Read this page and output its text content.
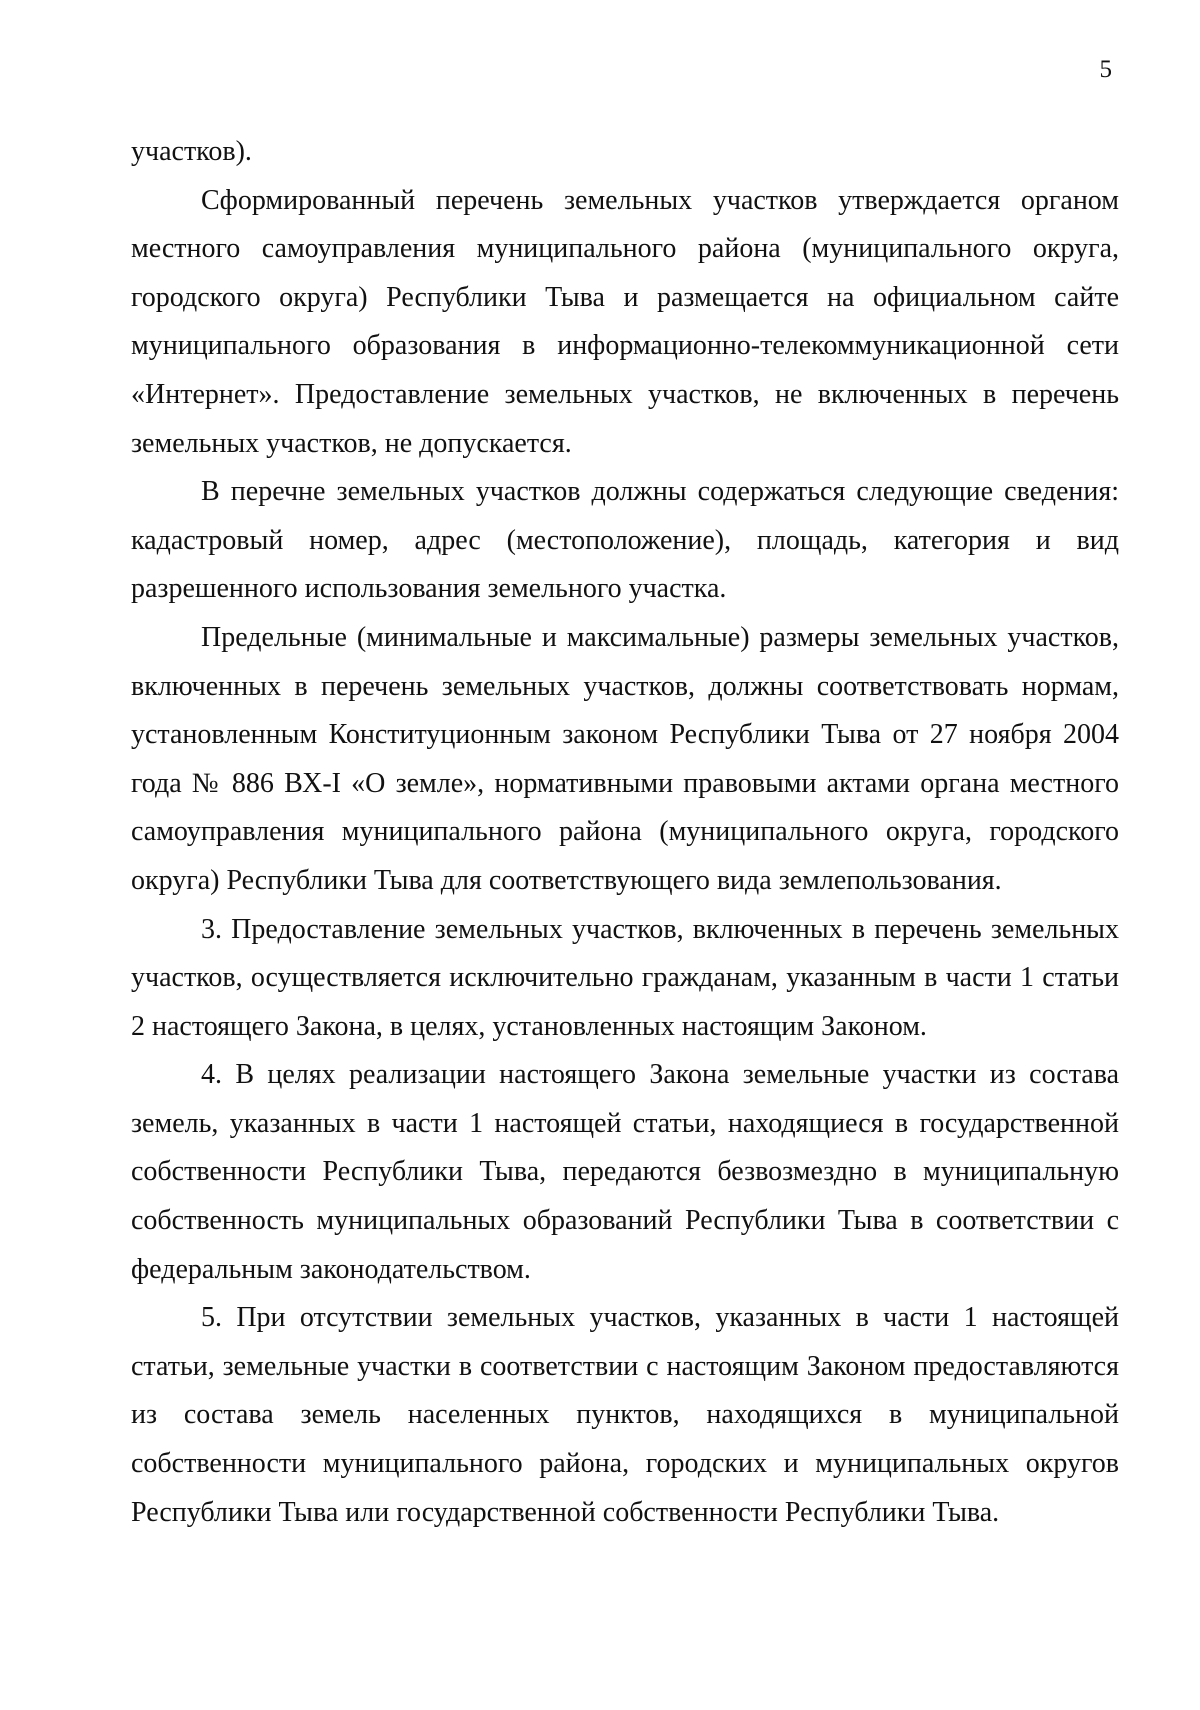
5

участков).

Сформированный перечень земельных участков утверждается органом местного самоуправления муниципального района (муниципального округа, городского округа) Республики Тыва и размещается на официальном сайте муниципального образования в информационно-телекоммуникационной сети «Интернет». Предоставление земельных участков, не включенных в перечень земельных участков, не допускается.

В перечне земельных участков должны содержаться следующие сведения: кадастровый номер, адрес (местоположение), площадь, категория и вид разрешенного использования земельного участка.

Предельные (минимальные и максимальные) размеры земельных участков, включенных в перечень земельных участков, должны соответствовать нормам, установленным Конституционным законом Республики Тыва от 27 ноября 2004 года № 886 ВХ-I «О земле», нормативными правовыми актами органа местного самоуправления муниципального района (муниципального округа, городского округа) Республики Тыва для соответствующего вида землепользования.

3. Предоставление земельных участков, включенных в перечень земельных участков, осуществляется исключительно гражданам, указанным в части 1 статьи 2 настоящего Закона, в целях, установленных настоящим Законом.

4. В целях реализации настоящего Закона земельные участки из состава земель, указанных в части 1 настоящей статьи, находящиеся в государственной собственности Республики Тыва, передаются безвозмездно в муниципальную собственность муниципальных образований Республики Тыва в соответствии с федеральным законодательством.

5. При отсутствии земельных участков, указанных в части 1 настоящей статьи, земельные участки в соответствии с настоящим Законом предоставляются из состава земель населенных пунктов, находящихся в муниципальной собственности муниципального района, городских и муниципальных округов Республики Тыва или государственной собственности Республики Тыва.
